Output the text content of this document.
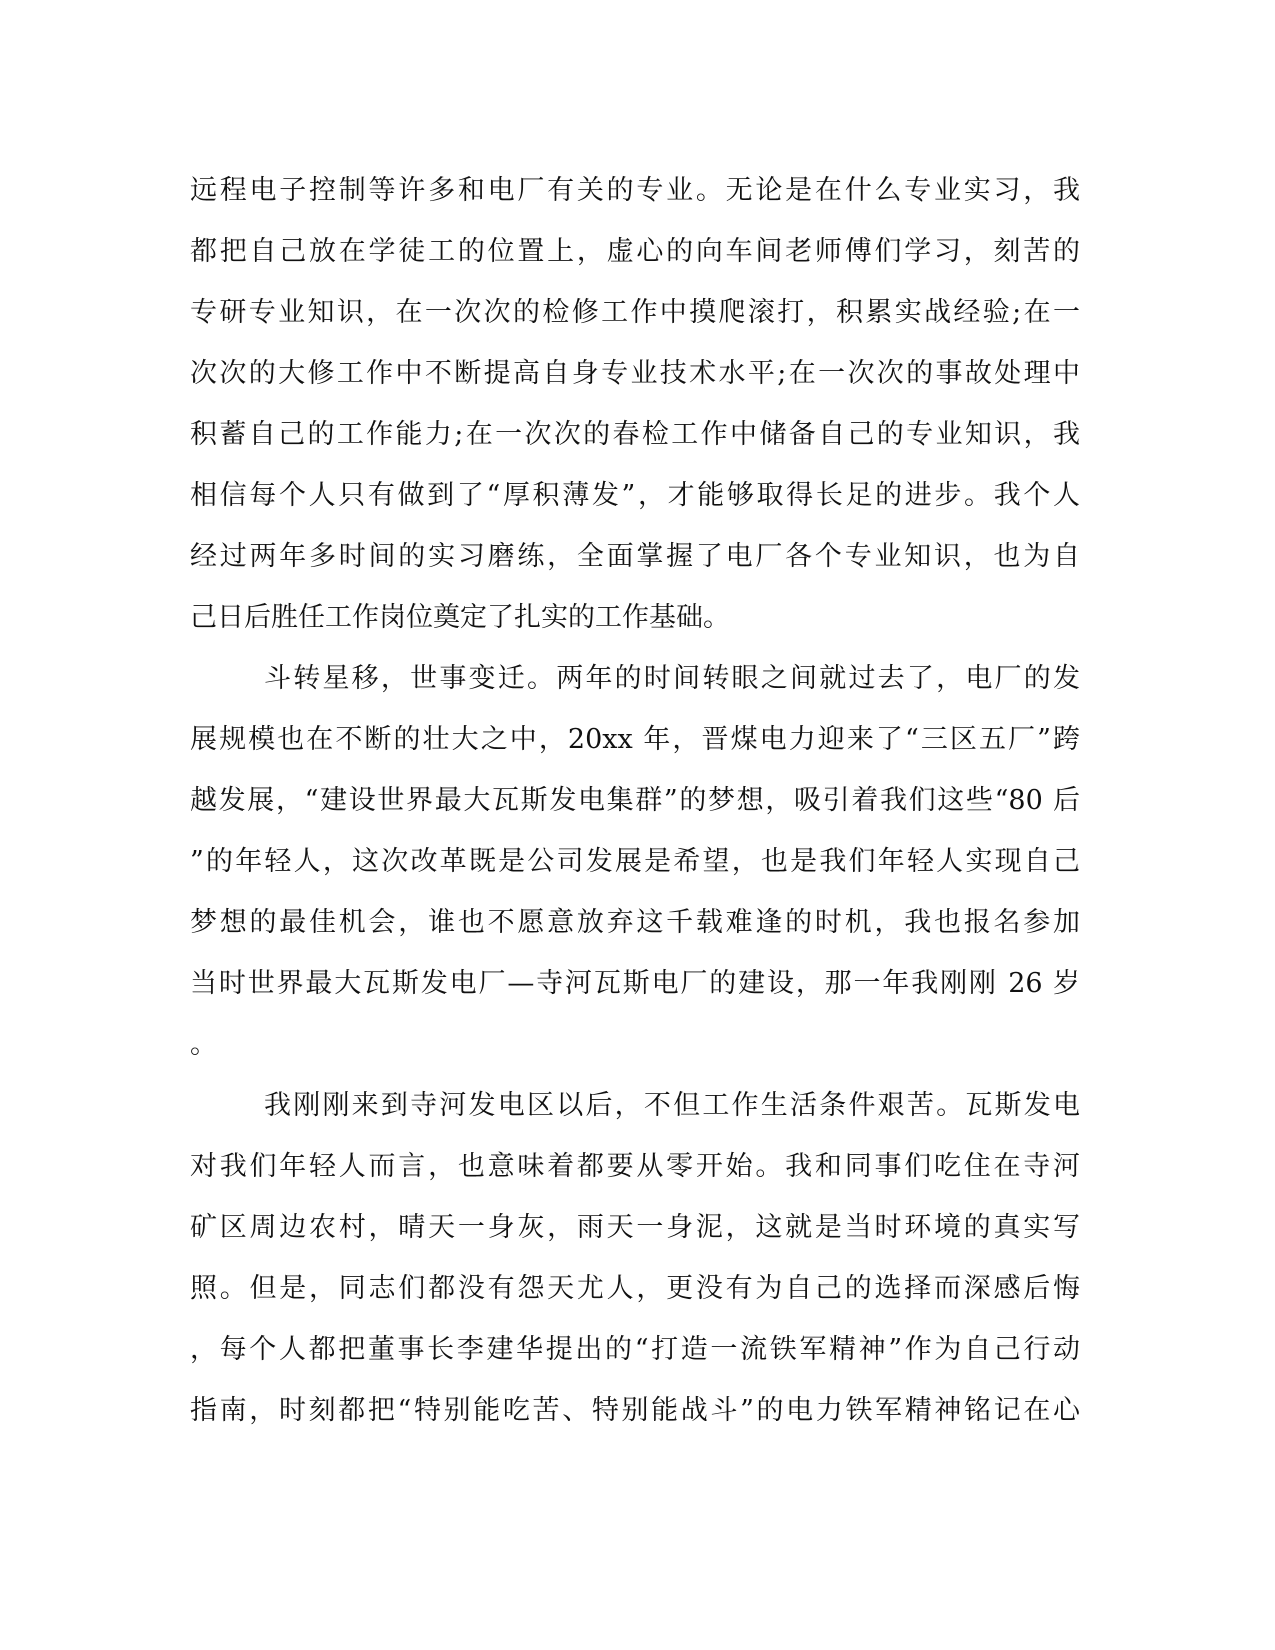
远程电子控制等许多和电厂有关的专业。无论是在什么专业实习，我
都把自己放在学徒工的位置上，虚心的向车间老师傅们学习，刻苦的
专研专业知识，在一次次的检修工作中摸爬滚打，积累实战经验;在一
次次的大修工作中不断提高自身专业技术水平;在一次次的事故处理中
积蓄自己的工作能力;在一次次的春检工作中储备自己的专业知识，我
相信每个人只有做到了“厚积薄发”，才能够取得长足的进步。我个人
经过两年多时间的实习磨练，全面掌握了电厂各个专业知识，也为自
己日后胜任工作岗位奠定了扎实的工作基础。
斗转星移，世事变迁。两年的时间转眼之间就过去了，电厂的发
展规模也在不断的壮大之中，20xx 年，晋煤电力迎来了“三区五厂”跨
越发展，“建设世界最大瓦斯发电集群”的梦想，吸引着我们这些“80 后
”的年轻人，这次改革既是公司发展是希望，也是我们年轻人实现自己
梦想的最佳机会，谁也不愿意放弃这千载难逢的时机，我也报名参加
当时世界最大瓦斯发电厂—寺河瓦斯电厂的建设，那一年我刚刚 26 岁
。
我刚刚来到寺河发电区以后，不但工作生活条件艰苦。瓦斯发电
对我们年轻人而言，也意味着都要从零开始。我和同事们吃住在寺河
矿区周边农村，晴天一身灰，雨天一身泥，这就是当时环境的真实写
照。但是，同志们都没有怨天尤人，更没有为自己的选择而深感后悔
，每个人都把董事长李建华提出的“打造一流铁军精神”作为自己行动
指南，时刻都把“特别能吃苦、特别能战斗”的电力铁军精神铭记在心
